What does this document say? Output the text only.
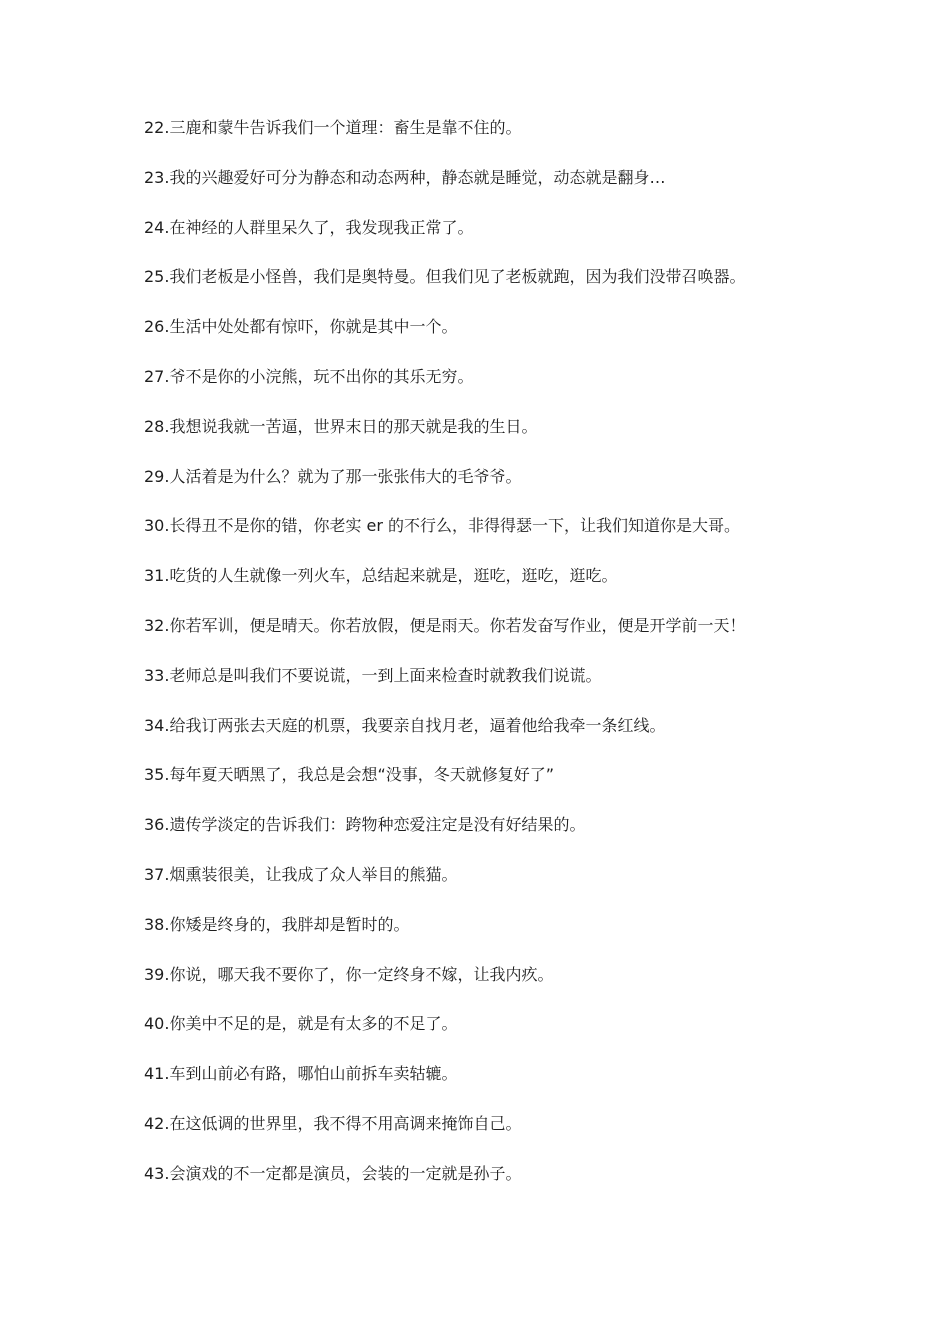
22.三鹿和蒙牛告诉我们一个道理：畜生是靠不住的。
23.我的兴趣爱好可分为静态和动态两种，静态就是睡觉，动态就是翻身…
24.在神经的人群里呆久了，我发现我正常了。
25.我们老板是小怪兽，我们是奥特曼。但我们见了老板就跑，因为我们没带召唤器。
26.生活中处处都有惊吓，你就是其中一个。
27.爷不是你的小浣熊，玩不出你的其乐无穷。
28.我想说我就一苦逼，世界末日的那天就是我的生日。
29.人活着是为什么？就为了那一张张伟大的毛爷爷。
30.长得丑不是你的错，你老实 er 的不行么，非得得瑟一下，让我们知道你是大哥。
31.吃货的人生就像一列火车，总结起来就是，逛吃，逛吃，逛吃。
32.你若军训，便是晴天。你若放假，便是雨天。你若发奋写作业，便是开学前一天！
33.老师总是叫我们不要说谎，一到上面来检查时就教我们说谎。
34.给我订两张去天庭的机票，我要亲自找月老，逼着他给我牵一条红线。
35.每年夏天晒黑了，我总是会想“没事，冬天就修复好了”
36.遗传学淡定的告诉我们：跨物种恋爱注定是没有好结果的。
37.烟熏装很美，让我成了众人举目的熊猫。
38.你矮是终身的，我胖却是暂时的。
39.你说，哪天我不要你了，你一定终身不嫁，让我内疚。
40.你美中不足的是，就是有太多的不足了。
41.车到山前必有路，哪怕山前拆车卖轱辘。
42.在这低调的世界里，我不得不用高调来掩饰自己。
43.会演戏的不一定都是演员，会装的一定就是孙子。
